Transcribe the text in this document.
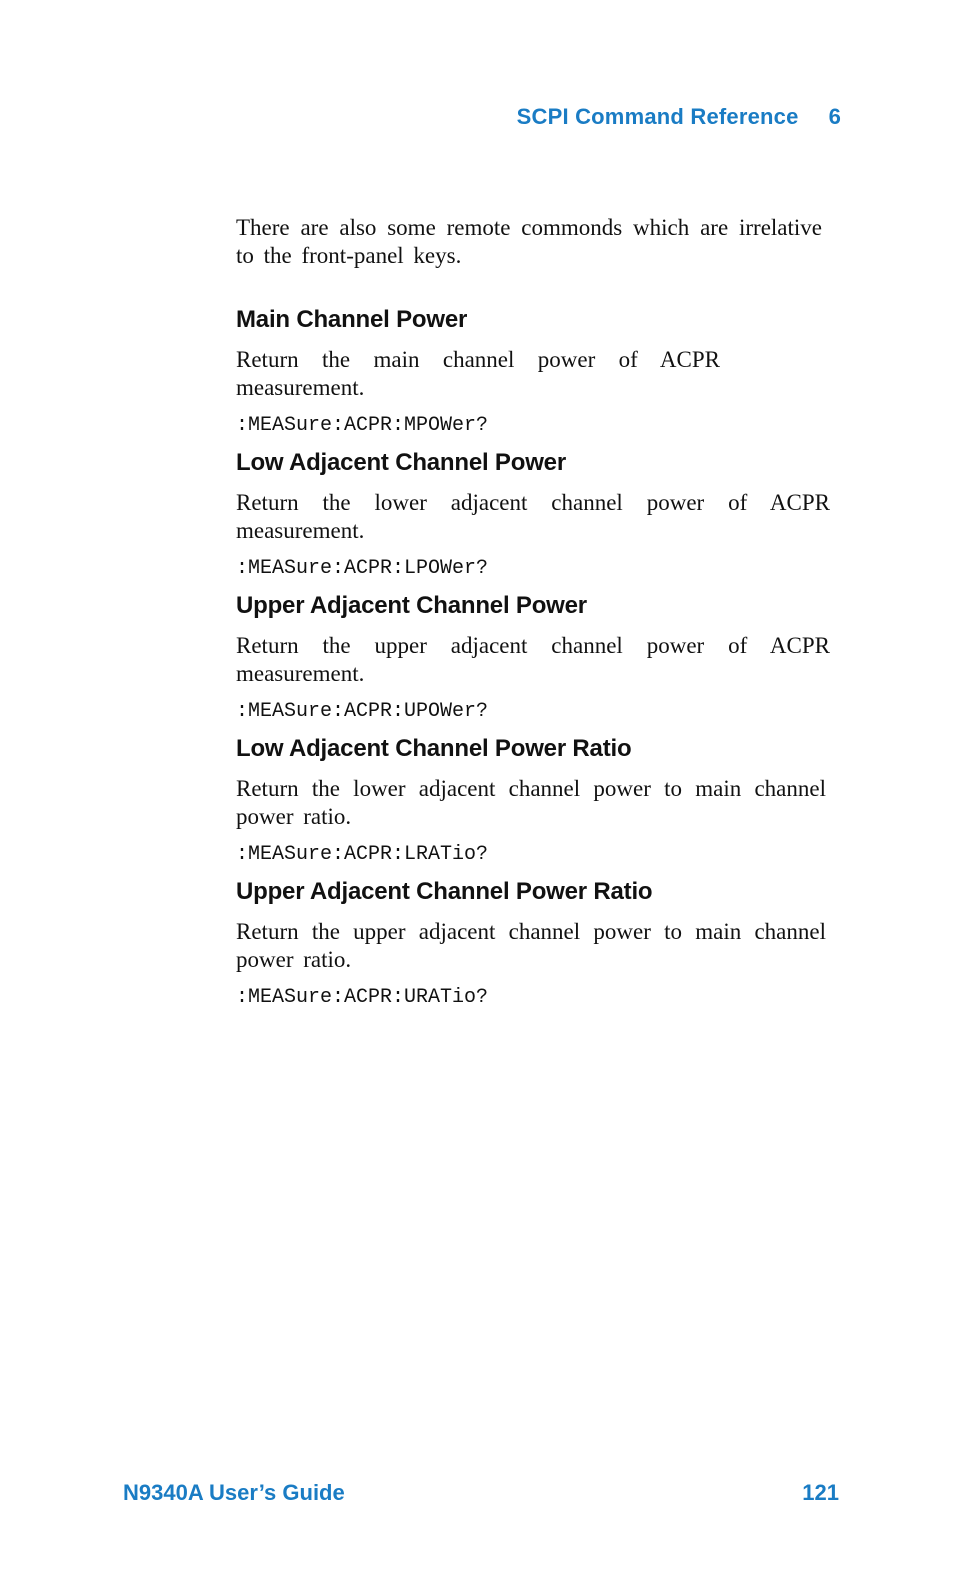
SCPI Command Reference 6

There are also some remote commonds which are irrelative to the front-panel keys.

Main Channel Power
Return the main channel power of ACPR measurement.
:MEASure:ACPR:MPOWer?
Low Adjacent Channel Power
Return the lower adjacent channel power of ACPR measurement.
:MEASure:ACPR:LPOWer?
Upper Adjacent Channel Power
Return the upper adjacent channel power of ACPR measurement.
:MEASure:ACPR:UPOWer?
Low Adjacent Channel Power Ratio
Return the lower adjacent channel power to main channel power ratio.
:MEASure:ACPR:LRATio?
Upper Adjacent Channel Power Ratio
Return the upper adjacent channel power to main channel power ratio.
:MEASure:ACPR:URATio?
N9340A User’s Guide	121
